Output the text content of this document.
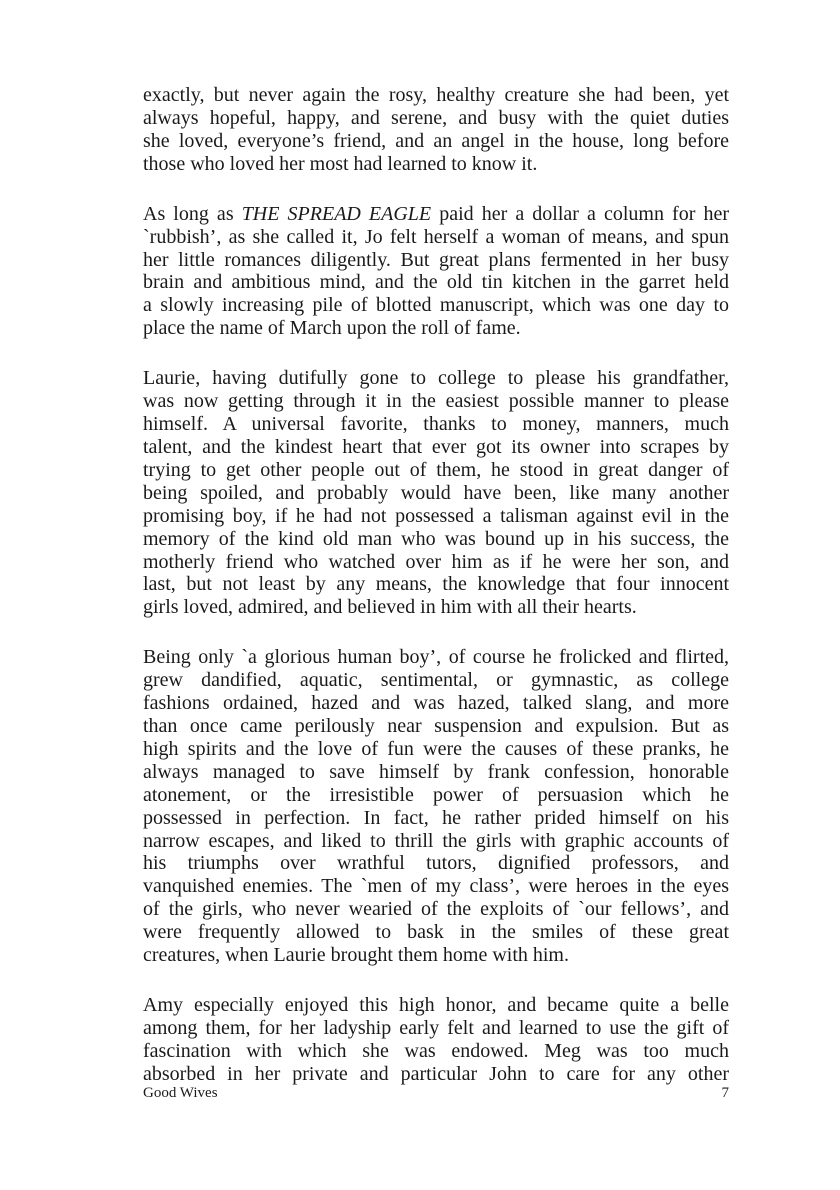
exactly, but never again the rosy, healthy creature she had been, yet
always hopeful, happy, and serene, and busy with the quiet duties
she loved, everyone’s friend, and an angel in the house, long before
those who loved her most had learned to know it.

As long as THE SPREAD EAGLE paid her a dollar a column for her
`rubbish’, as she called it, Jo felt herself a woman of means, and spun
her little romances diligently. But great plans fermented in her busy
brain and ambitious mind, and the old tin kitchen in the garret held
a slowly increasing pile of blotted manuscript, which was one day to
place the name of March upon the roll of fame.

Laurie, having dutifully gone to college to please his grandfather,
was now getting through it in the easiest possible manner to please
himself. A universal favorite, thanks to money, manners, much
talent, and the kindest heart that ever got its owner into scrapes by
trying to get other people out of them, he stood in great danger of
being spoiled, and probably would have been, like many another
promising boy, if he had not possessed a talisman against evil in the
memory of the kind old man who was bound up in his success, the
motherly friend who watched over him as if he were her son, and
last, but not least by any means, the knowledge that four innocent
girls loved, admired, and believed in him with all their hearts.

Being only `a glorious human boy’, of course he frolicked and flirted,
grew dandified, aquatic, sentimental, or gymnastic, as college
fashions ordained, hazed and was hazed, talked slang, and more
than once came perilously near suspension and expulsion. But as
high spirits and the love of fun were the causes of these pranks, he
always managed to save himself by frank confession, honorable
atonement, or the irresistible power of persuasion which he
possessed in perfection. In fact, he rather prided himself on his
narrow escapes, and liked to thrill the girls with graphic accounts of
his triumphs over wrathful tutors, dignified professors, and
vanquished enemies. The `men of my class’, were heroes in the eyes
of the girls, who never wearied of the exploits of `our fellows’, and
were frequently allowed to bask in the smiles of these great
creatures, when Laurie brought them home with him.

Amy especially enjoyed this high honor, and became quite a belle
among them, for her ladyship early felt and learned to use the gift of
fascination with which she was endowed. Meg was too much
absorbed in her private and particular John to care for any other

Good Wives	7
